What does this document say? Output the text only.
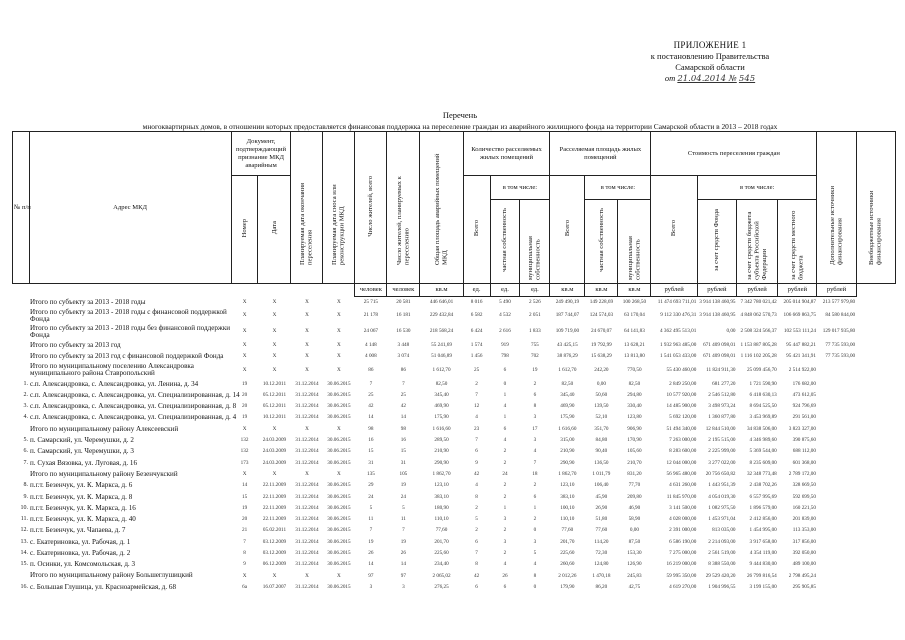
ПРИЛОЖЕНИЕ 1
к постановлению Правительства
Самарской области
от 21.04.2014 № 545
Перечень
многоквартирных домов, в отношении которых предоставляется финансовая поддержка на переселение граждан из аварийного жилищного фонда на территории Самарской области в 2013 – 2018 годах
№ п/п	Адрес МКД	Документ, подтверждающий признание МКД аварийным		Планируемая дата окончания переселения	Планируемая дата сноса или реконструкции МКД	Число жителей, всего	Число жителей, планируемых к переселению	Общая площадь аварийных помещений МКД	Количество расселяемых жилых помещений			Расселяемая площадь жилых помещений			Стоимость переселения граждан				Дополнительные источники финансирования	Внебюджетные источники финансирования
		Номер	Дата						Всего	в том числе:		Всего	в том числе:		Всего	в том числе:				
										частная собственность	муниципальная собственность		частная собственность	муниципальная собственность		за счет средств Фонда	за счет средств бюджета субъекта Российской Федерации	за счет средств местного бюджета		
						человек	человек	кв.м	ед.	ед.	ед.	кв.м	кв.м	кв.м	рублей	рублей	рублей	рублей	рублей	
	Итого по субъекту за 2013 - 2018 годы	X	X	X	X	25 715	20 581	446 646,01	8 016	5 490	2 526	249 490,19	149 228,69	100 268,50	11 474 693 711,01	3 914 138 460,95	7 342 780 021,42	205 014 904,87	213 577 979,80	
	Итого по субъекту за 2013 - 2018 годы с финансовой поддержкой Фонда	X	X	X	X	21 178	16 181	229 432,84	6 582	4 532	2 051	187 744,07	124 574,03	63 170,04	9 112 330 476,31	3 914 138 460,95	4 848 062 570,73	106 669 863,75	84 580 844,00	
	Итого по субъекту за 2013 - 2018 годы без финансовой поддержки Фонда	X	X	X	X	24 067	16 530	218 568,24	6 424	2 616	1 833	109 719,00	24 670,07	64 141,83	4 362 495 513,01	0,00	2 508 324 566,37	102 553 111,24	129 017 935,80	
	Итого по субъекту за 2013 год	X	X	X	X	4 148	3 448	55 241,69	1 574	919	755	43 425,15	19 792,99	13 628,21	1 932 963 485,00	671 409 098,01	1 153 887 805,28	95 447 882,21	77 735 593,00	
	Итого по субъекту за 2013 год с финансовой поддержкой Фонда	X	X	X	X	4 008	3 074	51 046,89	1 456	798	702	38 876,29	15 638,29	13 813,80	1 541 053 433,00	671 409 098,01	1 116 102 205,28	95 421 341,91	77 735 593,00	
	Итого по муниципальному поселению Александровка муниципального района Ставропольский	X	X	X	X	86	86	1 612,70	25	6	19	1 612,70	242,20	770,50	55 430 460,00	11 824 911,30	25 099 456,70	2 514 922,00		
1.	с.п. Александровка, с. Александровка, ул. Ленина, д. 34	19	10.12.2011	31.12.2014	30.06.2015	7	7	82,50	2	0	2	82,50	0,00	82,50	2 849 250,00	681 277,20	1 721 590,90	176 682,00		
2.	с.п. Александровка, с. Александровка, ул. Специализированная, д. 14	20	05.12.2011	31.12.2014	30.06.2015	25	25	345,40	7	1	6	345,40	50,60	294,80	10 577 920,00	2 546 512,80	6 418 630,13	473 612,05		
3.	с.п. Александровка, с. Александровка, ул. Специализированная, д. 8	20	05.12.2011	31.12.2014	30.06.2015	42	42	469,90	12	4	8	469,90	139,50	330,40	14 485 900,00	3 498 973,24	8 694 525,50	924 796,69		
4.	с.п. Александровка, с. Александровка, ул. Специализированная, д. 4	19	10.12.2011	31.12.2014	30.06.2015	14	14	175,90	4	1	3	175,90	52,10	123,80	5 692 120,00	1 360 877,80	3 453 969,89	291 561,00		
	Итого по муниципальному району Алексеевский	X	X	X	X	98	98	1 616,60	23	6	17	1 616,60	351,70	906,90	51 494 340,00	12 844 510,00	34 838 506,00	3 823 327,00		
5.	п. Самарский, ул. Черемушки, д. 2	132	24.03.2009	31.12.2014	30.06.2015	16	16	289,50	7	4	3	315,00	84,80	170,90	7 263 000,00	2 195 515,00	4 346 989,60	390 875,60		
6.	п. Самарский, ул. Черемушки, д. 3	132	24.03.2009	31.12.2014	30.06.2015	15	15	210,90	6	2	4	210,90	90,40	105,60	8 283 600,00	2 225 999,00	5 369 544,00	688 112,00		
7.	п. Сухая Вязовка, ул. Луговая, д. 16	173	24.03.2009	31.12.2014	30.06.2015	31	31	290,90	9	2	7	290,90	136,50	210,70	12 044 000,00	3 277 022,00	8 235 609,00	601 368,00		
	Итого по муниципальному району Безенчукский	X	X	X	X	135	105	1 862,70	42	24	18	1 862,70	1 011,79	831,20	56 965 480,00	20 756 650,82	32 348 773,48	2 789 172,00		
8.	п.г.т. Безенчук, ул. К. Маркса, д. 6	14	22.11.2009	31.12.2014	30.06.2015	29	19	123,10	4	2	2	123,10	106,40	77,70	4 631 260,00	1 443 951,39	2 438 702,26	328 669,50		
9.	п.г.т. Безенчук, ул. К. Маркса, д. 8	15	22.11.2009	31.12.2014	30.06.2015	24	24	383,10	8	2	6	383,10	45,90	209,80	11 845 970,00	4 054 019,30	6 557 995,69	592 699,50		
10.	п.г.т. Безенчук, ул. К. Маркса, д. 16	19	22.11.2009	31.12.2014	30.06.2015	5	5	180,90	2	1	1	100,10	26,90	46,90	3 141 500,00	1 082 975,50	1 896 579,00	160 221,50		
11.	п.г.т. Безенчук, ул. К. Маркса, д. 40	20	22.11.2009	31.12.2014	30.06.2015	11	11	110,10	5	3	2	110,10	51,80	58,90	4 028 000,00	1 453 971,04	2 412 856,00	201 839,00		
12.	п.г.т. Безенчук, ул. Чапаева, д. 7	21	05.02.2011	31.12.2014	30.06.2015	7	7	77,60	2	2	0	77,60	77,60	0,00	2 391 000,00	813 035,00	1 454 995,00	113 353,00		
13.	с. Екатериновка, ул. Рабочая, д. 1	7	03.12.2009	31.12.2014	30.06.2015	19	19	201,70	6	3	3	201,70	114,20	87,50	6 586 190,00	2 214 093,00	3 917 658,00	317 856,00		
14.	с. Екатериновка, ул. Рабочая, д. 2	8	03.12.2009	31.12.2014	30.06.2015	26	26	225,60	7	2	5	225,60	72,30	153,30	7 275 000,00	2 561 519,00	4 354 119,00	392 050,00		
15.	п. Осинки, ул. Комсомольская, д. 3	9	06.12.2009	31.12.2014	30.06.2015	14	14	234,40	8	4	4	260,60	124,80	126,90	16 219 000,00	8 388 550,00	9 444 830,00	489 100,00		
	Итого по муниципальному району Большеглушицкий	X	X	X	X	97	97	2 065,02	42	26	8	2 012,26	1 470,18	245,83	59 995 350,00	29 529 420,20	26 799 816,54	2 798 495,24		
16.	с. Большая Глушица, ул. Красноармейская, д. 68	6а	16.07.2007	31.12.2014	30.06.2015	3	3	276,25	6	6	0	179,90	86,20	42,75	4 619 270,00	1 904 996,55	3 199 155,00	295 905,85		
